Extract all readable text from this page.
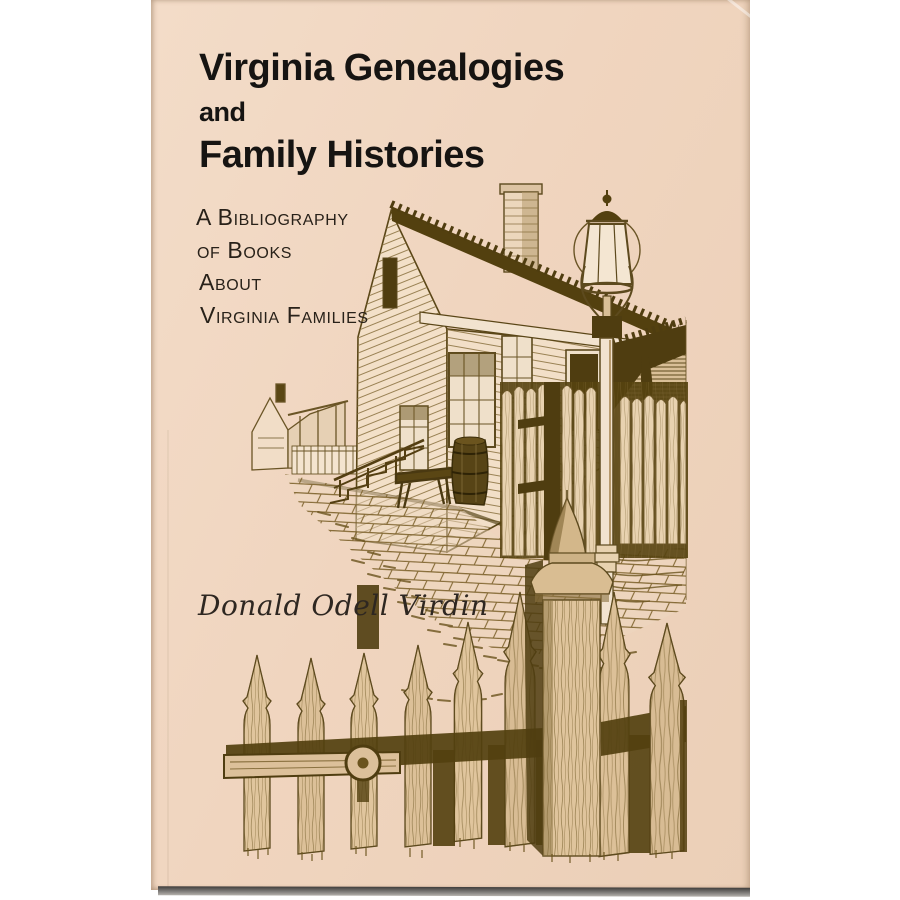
Virginia Genealogies
and
Family Histories
A Bibliography
of Books
About
Virginia Families
Donald Odell Virdin
